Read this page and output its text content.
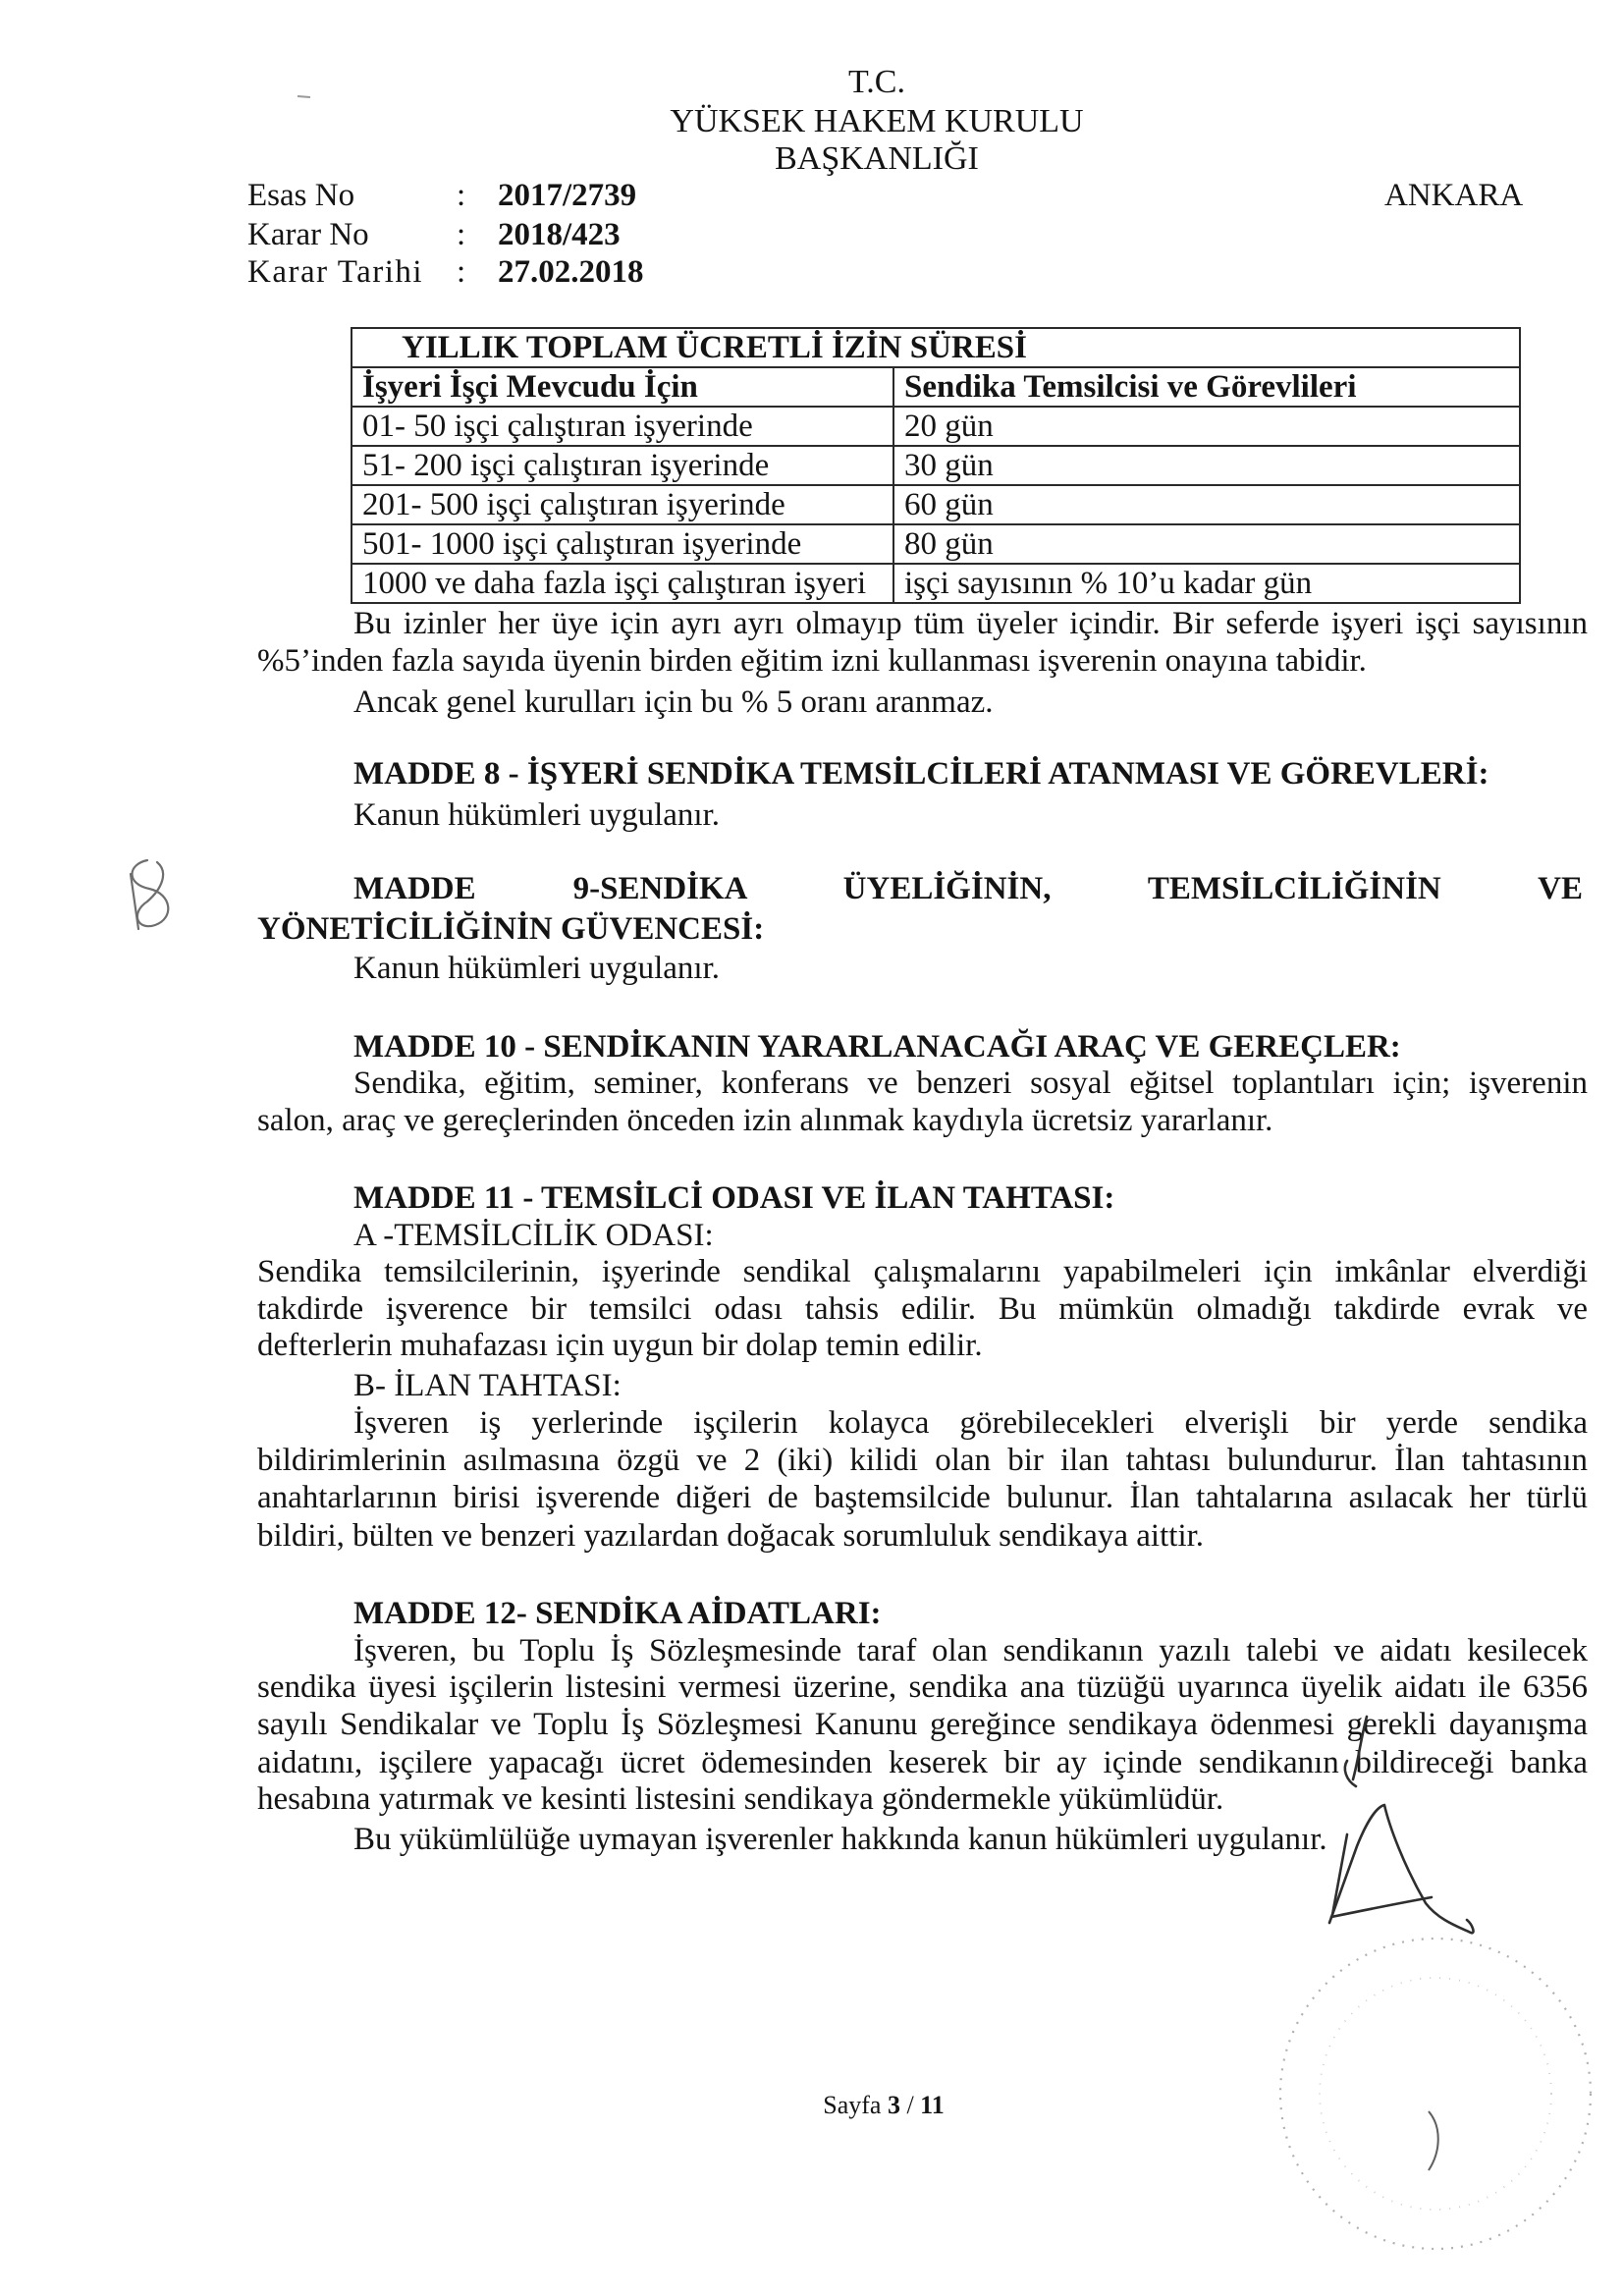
T.C.
YÜKSEK HAKEM KURULU
BAŞKANLIĞI
ANKARA
Esas No	: 2017/2739
Karar No	: 2018/423
Karar Tarihi : 27.02.2018
YILLIK TOPLAM ÜCRETLİ İZİN SÜRESİ	
İşyeri İşçi Mevcudu İçin	Sendika Temsilcisi ve Görevlileri
01- 50 işçi çalıştıran işyerinde	20 gün
51- 200 işçi çalıştıran işyerinde	30 gün
201- 500 işçi çalıştıran işyerinde	60 gün
501- 1000 işçi çalıştıran işyerinde	80 gün
1000 ve daha fazla işçi çalıştıran işyeri	işçi sayısının % 10’u kadar gün
Bu izinler her üye için ayrı ayrı olmayıp tüm üyeler içindir. Bir seferde işyeri işçi sayısının
%5’inden fazla sayıda üyenin birden eğitim izni kullanması işverenin onayına tabidir.
Ancak genel kurulları için bu % 5 oranı aranmaz.
MADDE 8 - İŞYERİ SENDİKA TEMSİLCİLERİ ATANMASI VE GÖREVLERİ:
Kanun hükümleri uygulanır.
MADDE 9-SENDİKA ÜYELİĞİNİN, TEMSİLCİLİĞİNİN VE
YÖNETİCİLİĞİNİN GÜVENCESİ:
Kanun hükümleri uygulanır.
MADDE 10 - SENDİKANIN YARARLANACAĞI ARAÇ VE GEREÇLER:
Sendika, eğitim, seminer, konferans ve benzeri sosyal eğitsel toplantıları için; işverenin
salon, araç ve gereçlerinden önceden izin alınmak kaydıyla ücretsiz yararlanır.
MADDE 11 - TEMSİLCİ ODASI VE İLAN TAHTASI:
A -TEMSİLCİLİK ODASI:
Sendika temsilcilerinin, işyerinde sendikal çalışmalarını yapabilmeleri için imkânlar elverdiği
takdirde işverence bir temsilci odası tahsis edilir. Bu mümkün olmadığı takdirde evrak ve
defterlerin muhafazası için uygun bir dolap temin edilir.
B- İLAN TAHTASI:
İşveren iş yerlerinde işçilerin kolayca görebilecekleri elverişli bir yerde sendika
bildirimlerinin asılmasına özgü ve 2 (iki) kilidi olan bir ilan tahtası bulundurur. İlan tahtasının
anahtarlarının birisi işverende diğeri de baştemsilcide bulunur. İlan tahtalarına asılacak her türlü
bildiri, bülten ve benzeri yazılardan doğacak sorumluluk sendikaya aittir.
MADDE 12- SENDİKA AİDATLARI:
İşveren, bu Toplu İş Sözleşmesinde taraf olan sendikanın yazılı talebi ve aidatı kesilecek
sendika üyesi işçilerin listesini vermesi üzerine, sendika ana tüzüğü uyarınca üyelik aidatı ile 6356
sayılı Sendikalar ve Toplu İş Sözleşmesi Kanunu gereğince sendikaya ödenmesi gerekli dayanışma
aidatını, işçilere yapacağı ücret ödemesinden keserek bir ay içinde sendikanın bildireceği banka
hesabına yatırmak ve kesinti listesini sendikaya göndermekle yükümlüdür.
Bu yükümlülüğe uymayan işverenler hakkında kanun hükümleri uygulanır.
Sayfa 3 / 11
